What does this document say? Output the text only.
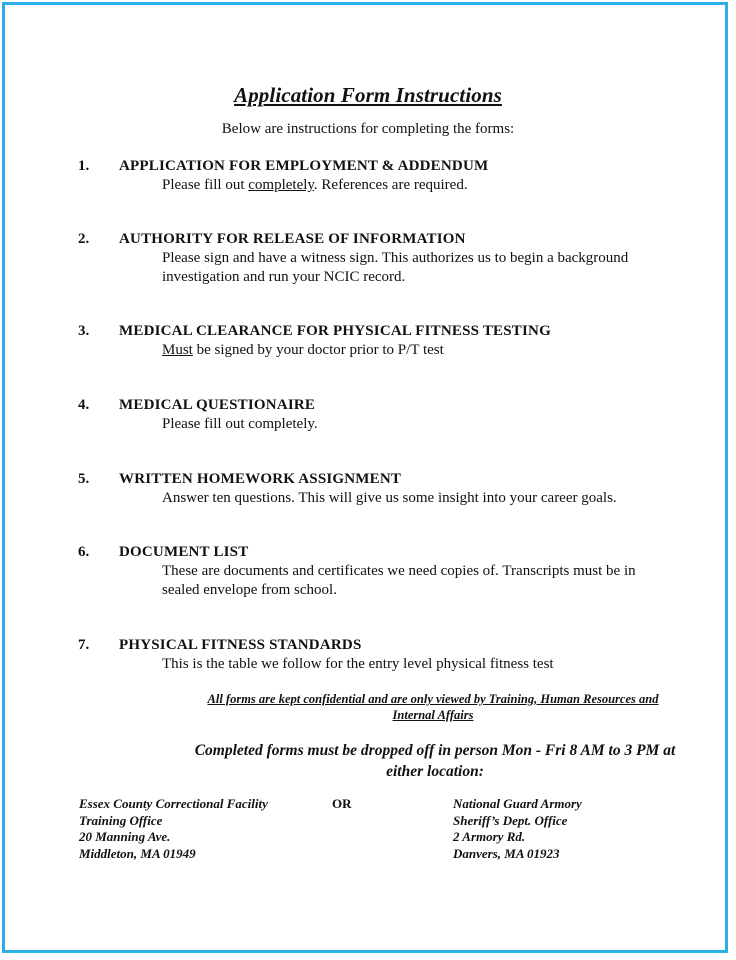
Application Form Instructions
Below are instructions for completing the forms:
1. APPLICATION FOR EMPLOYMENT & ADDENDUM
Please fill out completely. References are required.
2. AUTHORITY FOR RELEASE OF INFORMATION
Please sign and have a witness sign. This authorizes us to begin a background
investigation and run your NCIC record.
3. MEDICAL CLEARANCE FOR PHYSICAL FITNESS TESTING
Must be signed by your doctor prior to P/T test
4. MEDICAL QUESTIONAIRE
Please fill out completely.
5. WRITTEN HOMEWORK ASSIGNMENT
Answer ten questions. This will give us some insight into your career goals.
6. DOCUMENT LIST
These are documents and certificates we need copies of. Transcripts must be in
sealed envelope from school.
7. PHYSICAL FITNESS STANDARDS
This is the table we follow for the entry level physical fitness test
All forms are kept confidential and are only viewed by Training, Human Resources and
Internal Affairs
Completed forms must be dropped off in person Mon - Fri 8 AM to 3 PM at
either location:
Essex County Correctional Facility
Training Office
20 Manning Ave.
Middleton, MA 01949
OR	National Guard Armory
Sheriff’s Dept. Office
2 Armory Rd.
Danvers, MA 01923
